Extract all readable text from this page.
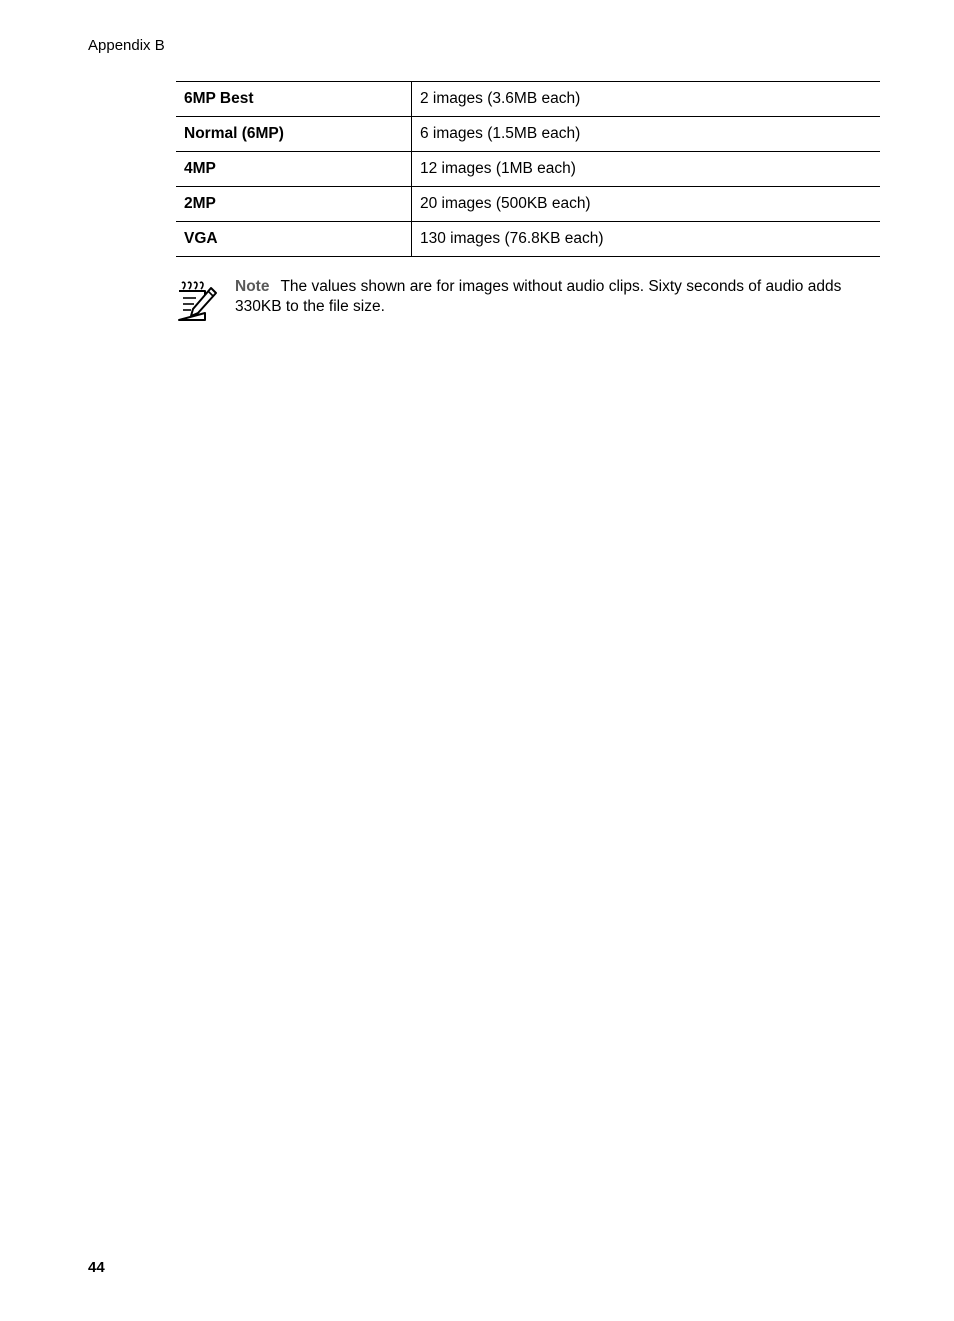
Appendix B
6MP Best	2 images (3.6MB each)
Normal (6MP)	6 images (1.5MB each)
4MP	12 images (1MB each)
2MP	20 images (500KB each)
VGA	130 images (76.8KB each)
Note The values shown are for images without audio clips. Sixty seconds of audio adds 330KB to the file size.
44
